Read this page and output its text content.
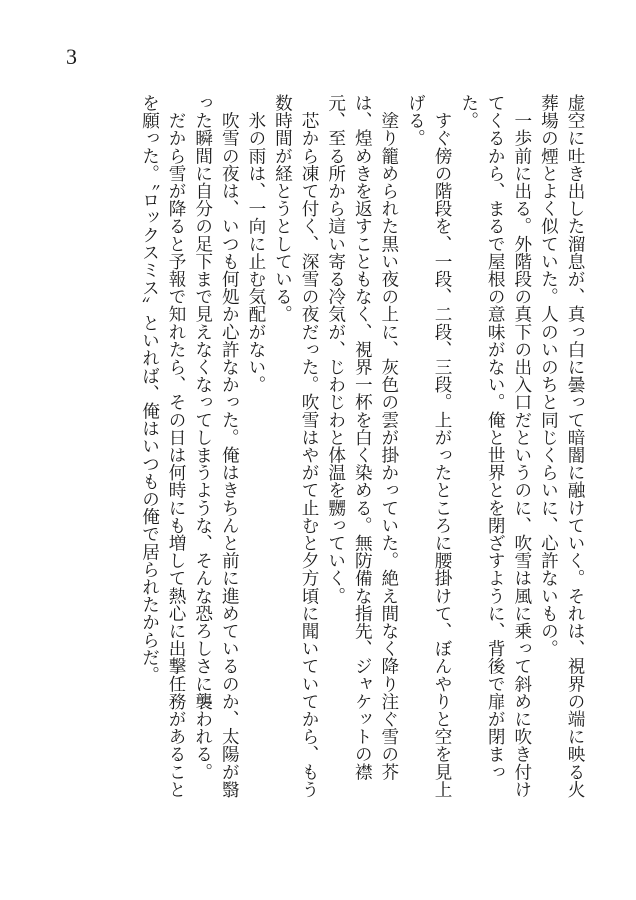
3

虚空に吐き出した溜息が、真っ白に曇って暗闇に融けていく。それは、視界の端に映る火葬場の煙とよく似ていた。人のいのちと同じくらいに、心許ないもの。

　一歩前に出る。外階段の真下の出入口だというのに、吹雪は風に乗って斜めに吹き付けてくるから、まるで屋根の意味がない。俺と世界とを閉ざすように、背後で扉が閉まった。

　すぐ傍の階段を、一段、二段、三段。上がったところに腰掛けて、ぼんやりと空を見上げる。

　塗り籠められた黒い夜の上に、灰色の雲が掛かっていた。絶え間なく降り注ぐ雪の芥は、煌めきを返すこともなく、視界一杯を白く染める。無防備な指先、ジャケットの襟元、至る所から這い寄る冷気が、じわじわと体温を嬲っていく。

　芯から凍て付く、深雪の夜だった。吹雪はやがて止むと夕方頃に聞いていてから、もう数時間が経とうとしている。

　氷の雨は、一向に止む気配がない。

　吹雪の夜は、いつも何処か心許なかった。俺はきちんと前に進めているのか、太陽が翳った瞬間に自分の足下まで見えなくなってしまうような、そんな恐ろしさに襲われる。

　だから雪が降ると予報で知れたら、その日は何時にも増して熱心に出撃任務があることを願った。〝ロックスミス〟といれば、俺はいつもの俺で居られたからだ。
